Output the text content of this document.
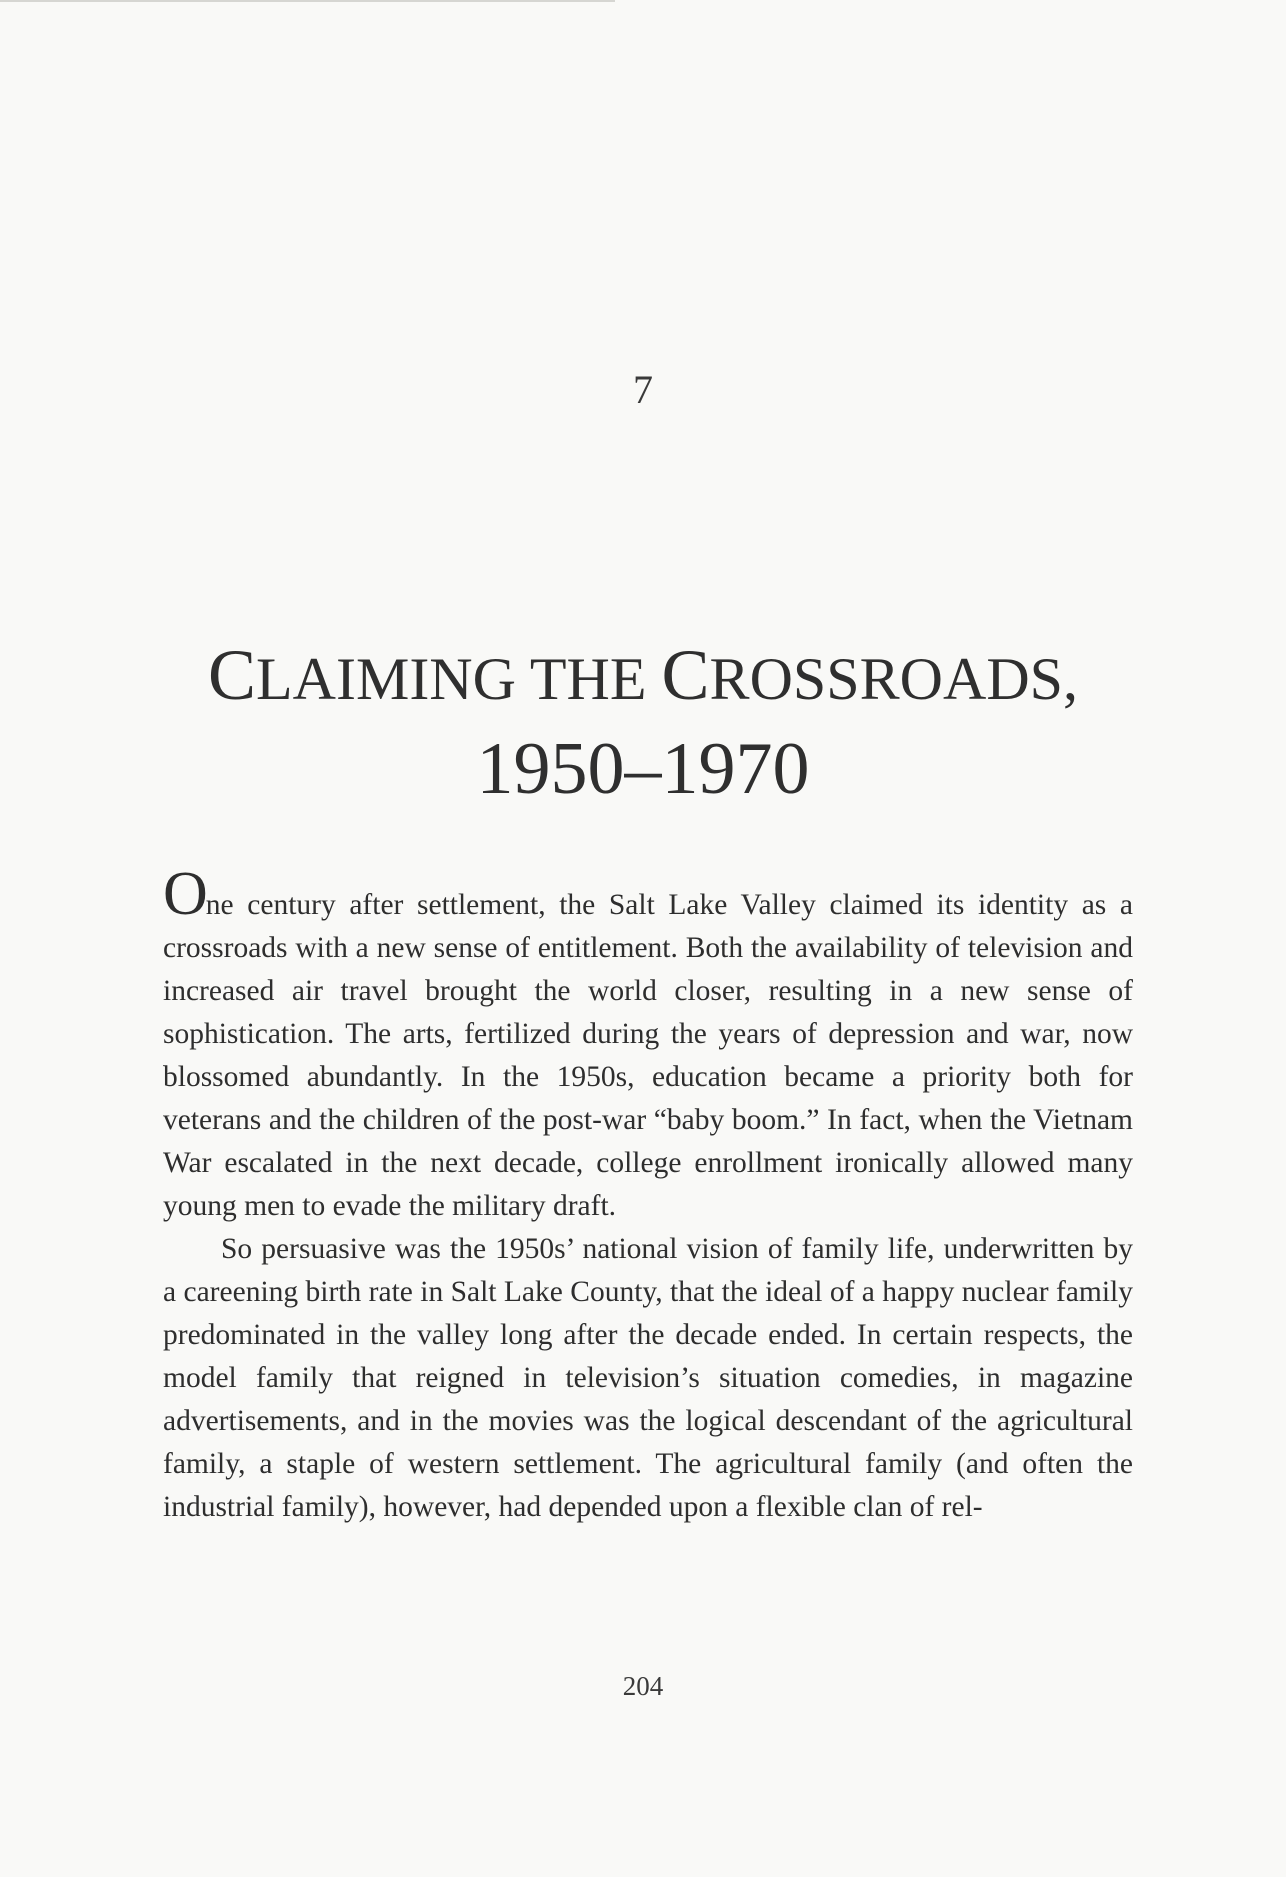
7
CLAIMING THE CROSSROADS,
1950–1970

One century after settlement, the Salt Lake Valley claimed its identity as a crossroads with a new sense of entitlement. Both the availability of television and increased air travel brought the world closer, resulting in a new sense of sophistication. The arts, fertilized during the years of depression and war, now blossomed abundantly. In the 1950s, education became a priority both for veterans and the children of the post-war “baby boom.” In fact, when the Vietnam War escalated in the next decade, college enrollment ironically allowed many young men to evade the military draft.

So persuasive was the 1950s’ national vision of family life, underwritten by a careening birth rate in Salt Lake County, that the ideal of a happy nuclear family predominated in the valley long after the decade ended. In certain respects, the model family that reigned in television’s situation comedies, in magazine advertisements, and in the movies was the logical descendant of the agricultural family, a staple of western settlement. The agricultural family (and often the industrial family), however, had depended upon a flexible clan of rel-

204
